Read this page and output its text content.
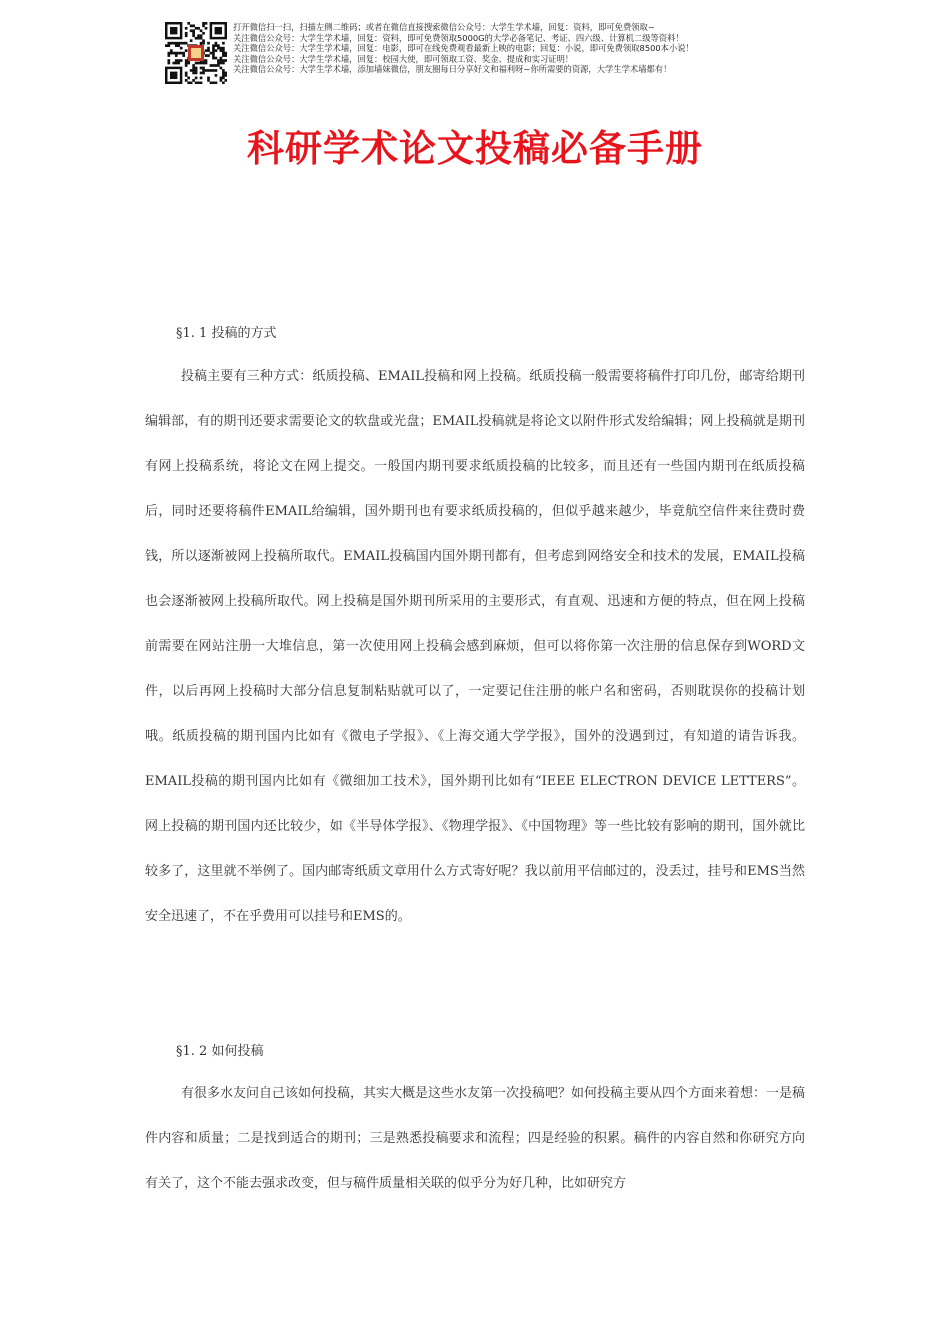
打开微信扫一扫，扫描左侧二维码；或者在微信直接搜索微信公众号：大学生学术墙，回复：资料，即可免费领取~
关注微信公众号：大学生学术墙，回复：资料，即可免费领取5000G的大学必备笔记、考证、四六级、计算机二级等资料！
关注微信公众号：大学生学术墙，回复：电影，即可在线免费观看最新上映的电影；回复：小说，即可免费领取8500本小说！
关注微信公众号：大学生学术墙，回复：校园大使，即可领取工资、奖金、提成和实习证明！
关注微信公众号：大学生学术墙，添加墙妹微信，朋友圈每日分享好文和福利呀~你所需要的资源，大学生学术墙都有！
科研学术论文投稿必备手册
§1. 1 投稿的方式

投稿主要有三种方式：纸质投稿、EMAIL投稿和网上投稿。纸质投稿一般需要将稿件打印几份，邮寄给期刊编辑部，有的期刊还要求需要论文的软盘或光盘；EMAIL投稿就是将论文以附件形式发给编辑；网上投稿就是期刊有网上投稿系统，将论文在网上提交。一般国内期刊要求纸质投稿的比较多，而且还有一些国内期刊在纸质投稿后，同时还要将稿件EMAIL给编辑，国外期刊也有要求纸质投稿的，但似乎越来越少，毕竟航空信件来往费时费钱，所以逐渐被网上投稿所取代。EMAIL投稿国内国外期刊都有，但考虑到网络安全和技术的发展，EMAIL投稿也会逐渐被网上投稿所取代。网上投稿是国外期刊所采用的主要形式，有直观、迅速和方便的特点，但在网上投稿前需要在网站注册一大堆信息，第一次使用网上投稿会感到麻烦，但可以将你第一次注册的信息保存到WORD文件，以后再网上投稿时大部分信息复制粘贴就可以了，一定要记住注册的帐户名和密码，否则耽误你的投稿计划哦。纸质投稿的期刊国内比如有《微电子学报》、《上海交通大学学报》，国外的没遇到过，有知道的请告诉我。EMAIL投稿的期刊国内比如有《微细加工技术》，国外期刊比如有“IEEE ELECTRON DEVICE LETTERS”。 网上投稿的期刊国内还比较少，如《半导体学报》、《物理学报》、《中国物理》等一些比较有影响的期刊，国外就比较多了，这里就不举例了。国内邮寄纸质文章用什么方式寄好呢？我以前用平信邮过的，没丢过，挂号和EMS当然安全迅速了，不在乎费用可以挂号和EMS的。

§1. 2 如何投稿

有很多水友问自己该如何投稿，其实大概是这些水友第一次投稿吧？如何投稿主要从四个方面来着想：一是稿件内容和质量；二是找到适合的期刊；三是熟悉投稿要求和流程；四是经验的积累。稿件的内容自然和你研究方向有关了，这个不能去强求改变，但与稿件质量相关联的似乎分为好几种，比如研究方
